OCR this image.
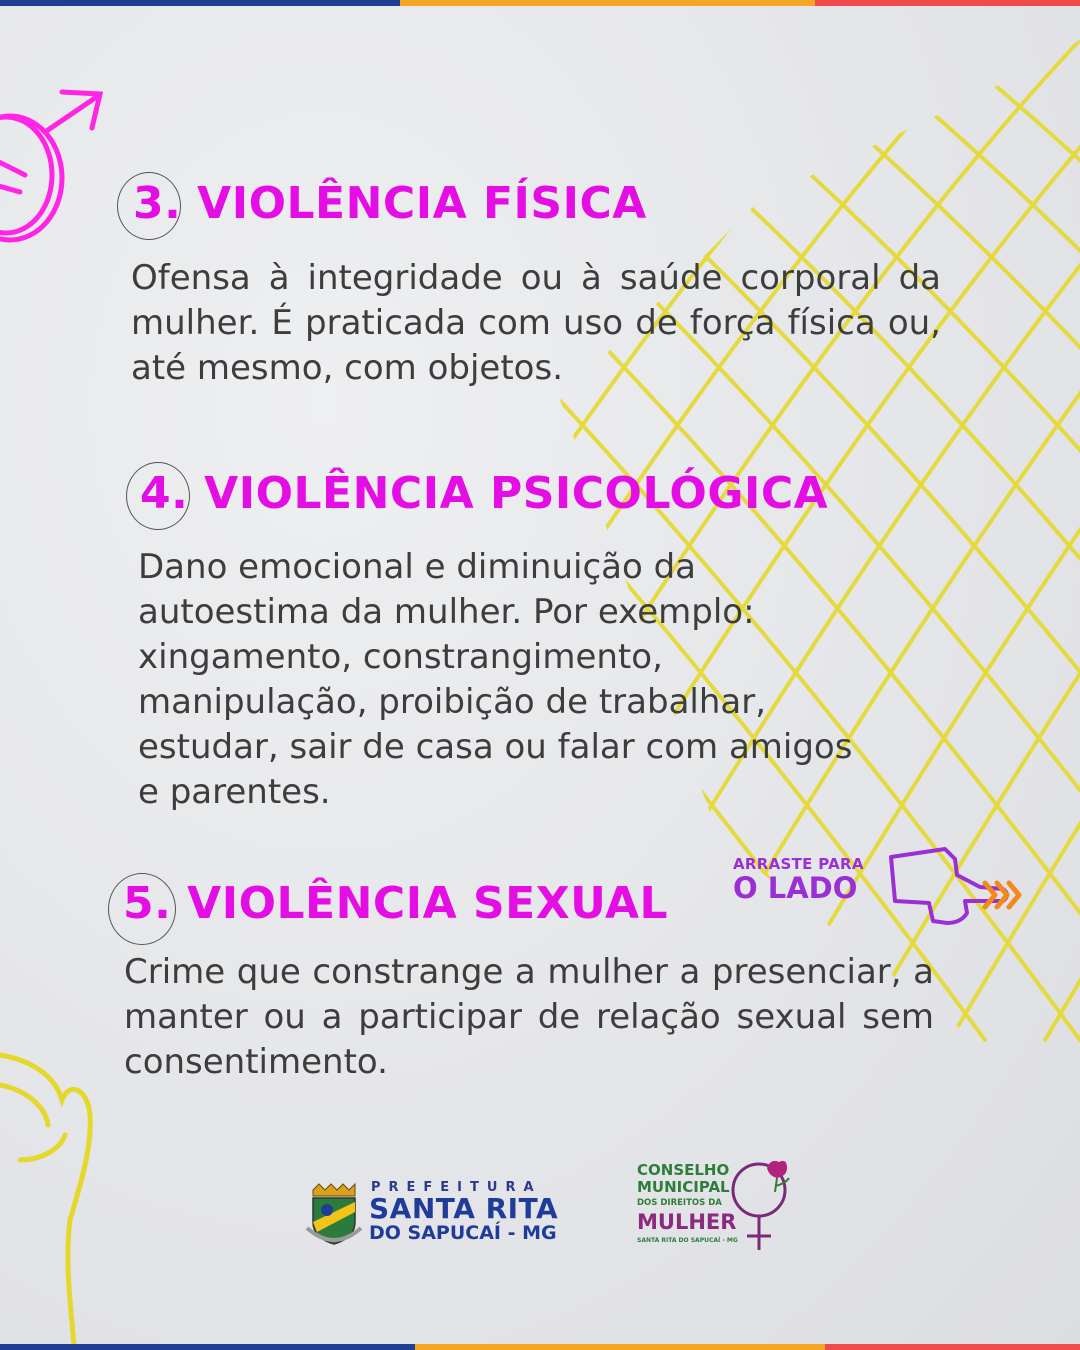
3. VIOLÊNCIA FÍSICA
Ofensa à integridade ou à saúde corporal da mulher. É praticada com uso de força física ou, até mesmo, com objetos.
4. VIOLÊNCIA PSICOLÓGICA
Dano emocional e diminuição da
autoestima da mulher. Por exemplo:
xingamento, constrangimento,
manipulação, proibição de trabalhar,
estudar, sair de casa ou falar com amigos
e parentes.
ARRASTE PARA
O LADO
5. VIOLÊNCIA SEXUAL
Crime que constrange a mulher a presenciar, a manter ou a participar de relação sexual sem consentimento.
PREFEITURA
SANTA RITA
DO SAPUCAÍ - MG
CONSELHO
MUNICIPAL
DOS DIREITOS DA
MULHER
SANTA RITA DO SAPUCAÍ - MG
